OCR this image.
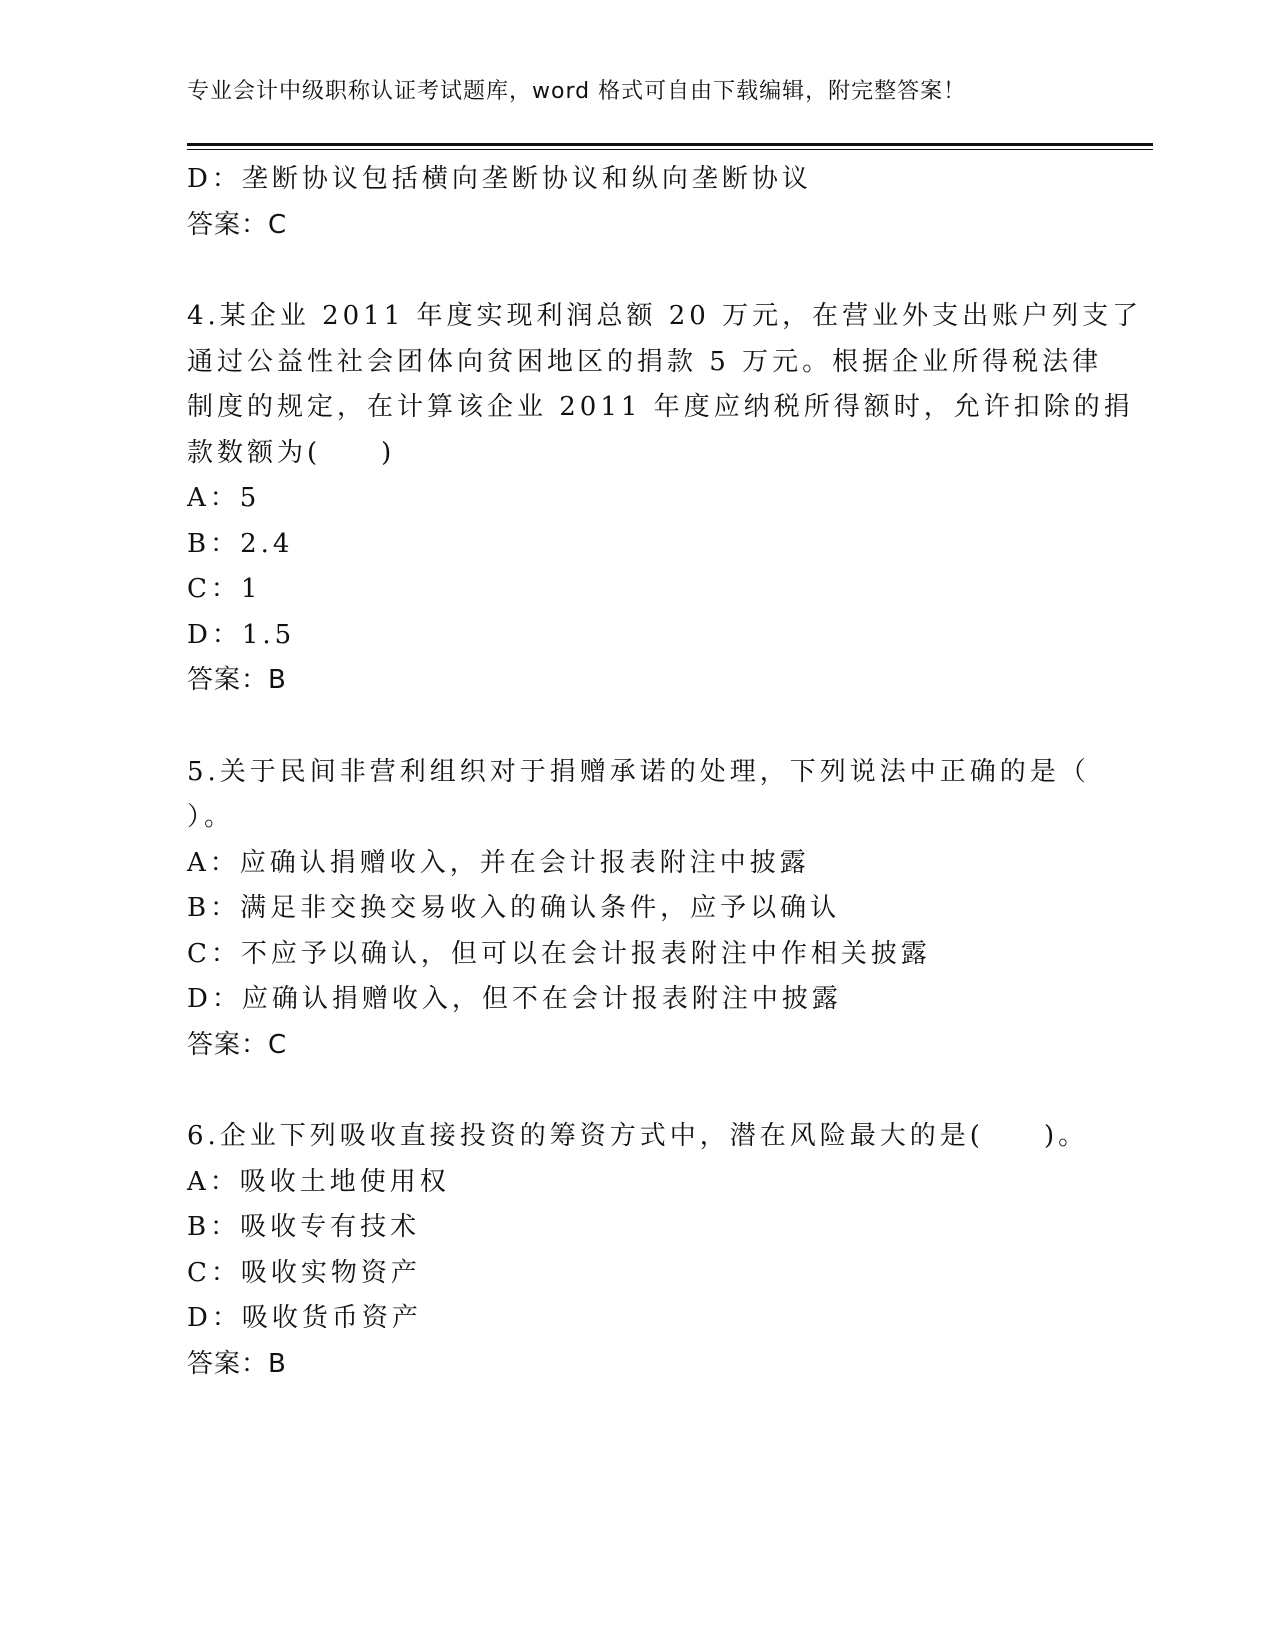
专业会计中级职称认证考试题库，word 格式可自由下载编辑，附完整答案！
D：垄断协议包括横向垄断协议和纵向垄断协议
答案：C
4.某企业 2011 年度实现利润总额 20 万元，在营业外支出账户列支了
通过公益性社会团体向贫困地区的捐款 5 万元。根据企业所得税法律
制度的规定，在计算该企业 2011 年度应纳税所得额时，允许扣除的捐
款数额为(　　)
A：5
B：2.4
C：1
D：1.5
答案：B
5.关于民间非营利组织对于捐赠承诺的处理，下列说法中正确的是（
）。
A：应确认捐赠收入，并在会计报表附注中披露
B：满足非交换交易收入的确认条件，应予以确认
C：不应予以确认，但可以在会计报表附注中作相关披露
D：应确认捐赠收入，但不在会计报表附注中披露
答案：C
6.企业下列吸收直接投资的筹资方式中，潜在风险最大的是(　　)。
A：吸收土地使用权
B：吸收专有技术
C：吸收实物资产
D：吸收货币资产
答案：B
